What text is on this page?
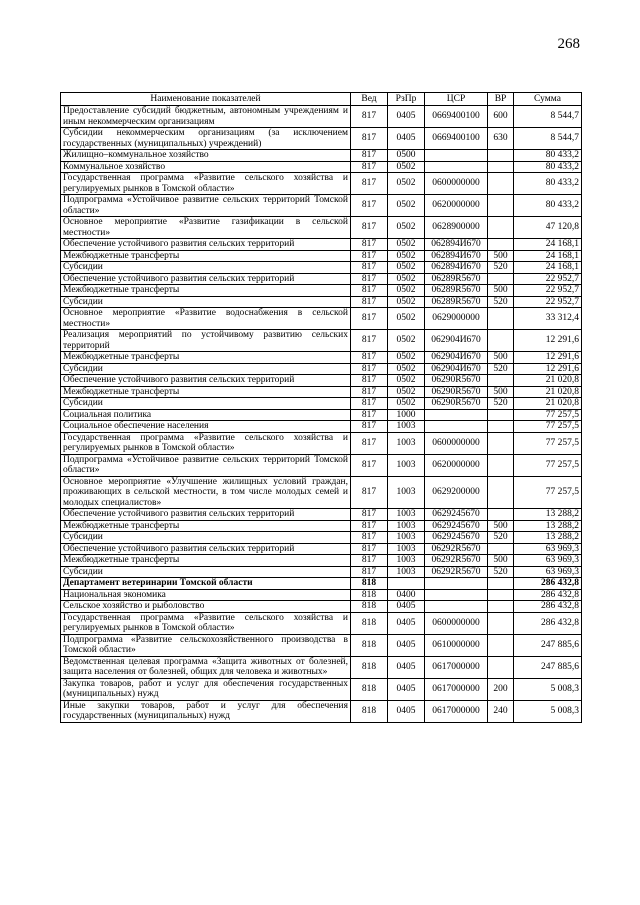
268
Наименование показателей	Вед	РзПр	ЦСР	ВР	Сумма
Предоставление субсидий бюджетным, автономным учреждениям и иным некоммерческим организациям	817	0405	0669400100	600	8 544,7
Субсидии некоммерческим организациям (за исключением государственных (муниципальных) учреждений)	817	0405	0669400100	630	8 544,7
Жилищно–коммунальное хозяйство	817	0500			80 433,2
Коммунальное хозяйство	817	0502			80 433,2
Государственная программа «Развитие сельского хозяйства и регулируемых рынков в Томской области»	817	0502	0600000000		80 433,2
Подпрограмма «Устойчивое развитие сельских территорий Томской области»	817	0502	0620000000		80 433,2
Основное мероприятие «Развитие газификации в сельской местности»	817	0502	0628900000		47 120,8
Обеспечение устойчивого развития сельских территорий	817	0502	062894И670		24 168,1
Межбюджетные трансферты	817	0502	062894И670	500	24 168,1
Субсидии	817	0502	062894И670	520	24 168,1
Обеспечение устойчивого развития сельских территорий	817	0502	06289R5670		22 952,7
Межбюджетные трансферты	817	0502	06289R5670	500	22 952,7
Субсидии	817	0502	06289R5670	520	22 952,7
Основное мероприятие «Развитие водоснабжения в сельской местности»	817	0502	0629000000		33 312,4
Реализация мероприятий по устойчивому развитию сельских территорий	817	0502	062904И670		12 291,6
Межбюджетные трансферты	817	0502	062904И670	500	12 291,6
Субсидии	817	0502	062904И670	520	12 291,6
Обеспечение устойчивого развития сельских территорий	817	0502	06290R5670		21 020,8
Межбюджетные трансферты	817	0502	06290R5670	500	21 020,8
Субсидии	817	0502	06290R5670	520	21 020,8
Социальная политика	817	1000			77 257,5
Социальное обеспечение населения	817	1003			77 257,5
Государственная программа «Развитие сельского хозяйства и регулируемых рынков в Томской области»	817	1003	0600000000		77 257,5
Подпрограмма «Устойчивое развитие сельских территорий Томской области»	817	1003	0620000000		77 257,5
Основное мероприятие «Улучшение жилищных условий граждан, проживающих в сельской местности, в том числе молодых семей и молодых специалистов»	817	1003	0629200000		77 257,5
Обеспечение устойчивого развития сельских территорий	817	1003	0629245670		13 288,2
Межбюджетные трансферты	817	1003	0629245670	500	13 288,2
Субсидии	817	1003	0629245670	520	13 288,2
Обеспечение устойчивого развития сельских территорий	817	1003	06292R5670		63 969,3
Межбюджетные трансферты	817	1003	06292R5670	500	63 969,3
Субсидии	817	1003	06292R5670	520	63 969,3
Департамент ветеринарии Томской области	818				286 432,8
Национальная экономика	818	0400			286 432,8
Сельское хозяйство и рыболовство	818	0405			286 432,8
Государственная программа «Развитие сельского хозяйства и регулируемых рынков в Томской области»	818	0405	0600000000		286 432,8
Подпрограмма «Развитие сельскохозяйственного производства в Томской области»	818	0405	0610000000		247 885,6
Ведомственная целевая программа «Защита животных от болезней, защита населения от болезней, общих для человека и животных»	818	0405	0617000000		247 885,6
Закупка товаров, работ и услуг для обеспечения государственных (муниципальных) нужд	818	0405	0617000000	200	5 008,3
Иные закупки товаров, работ и услуг для обеспечения государственных (муниципальных) нужд	818	0405	0617000000	240	5 008,3
